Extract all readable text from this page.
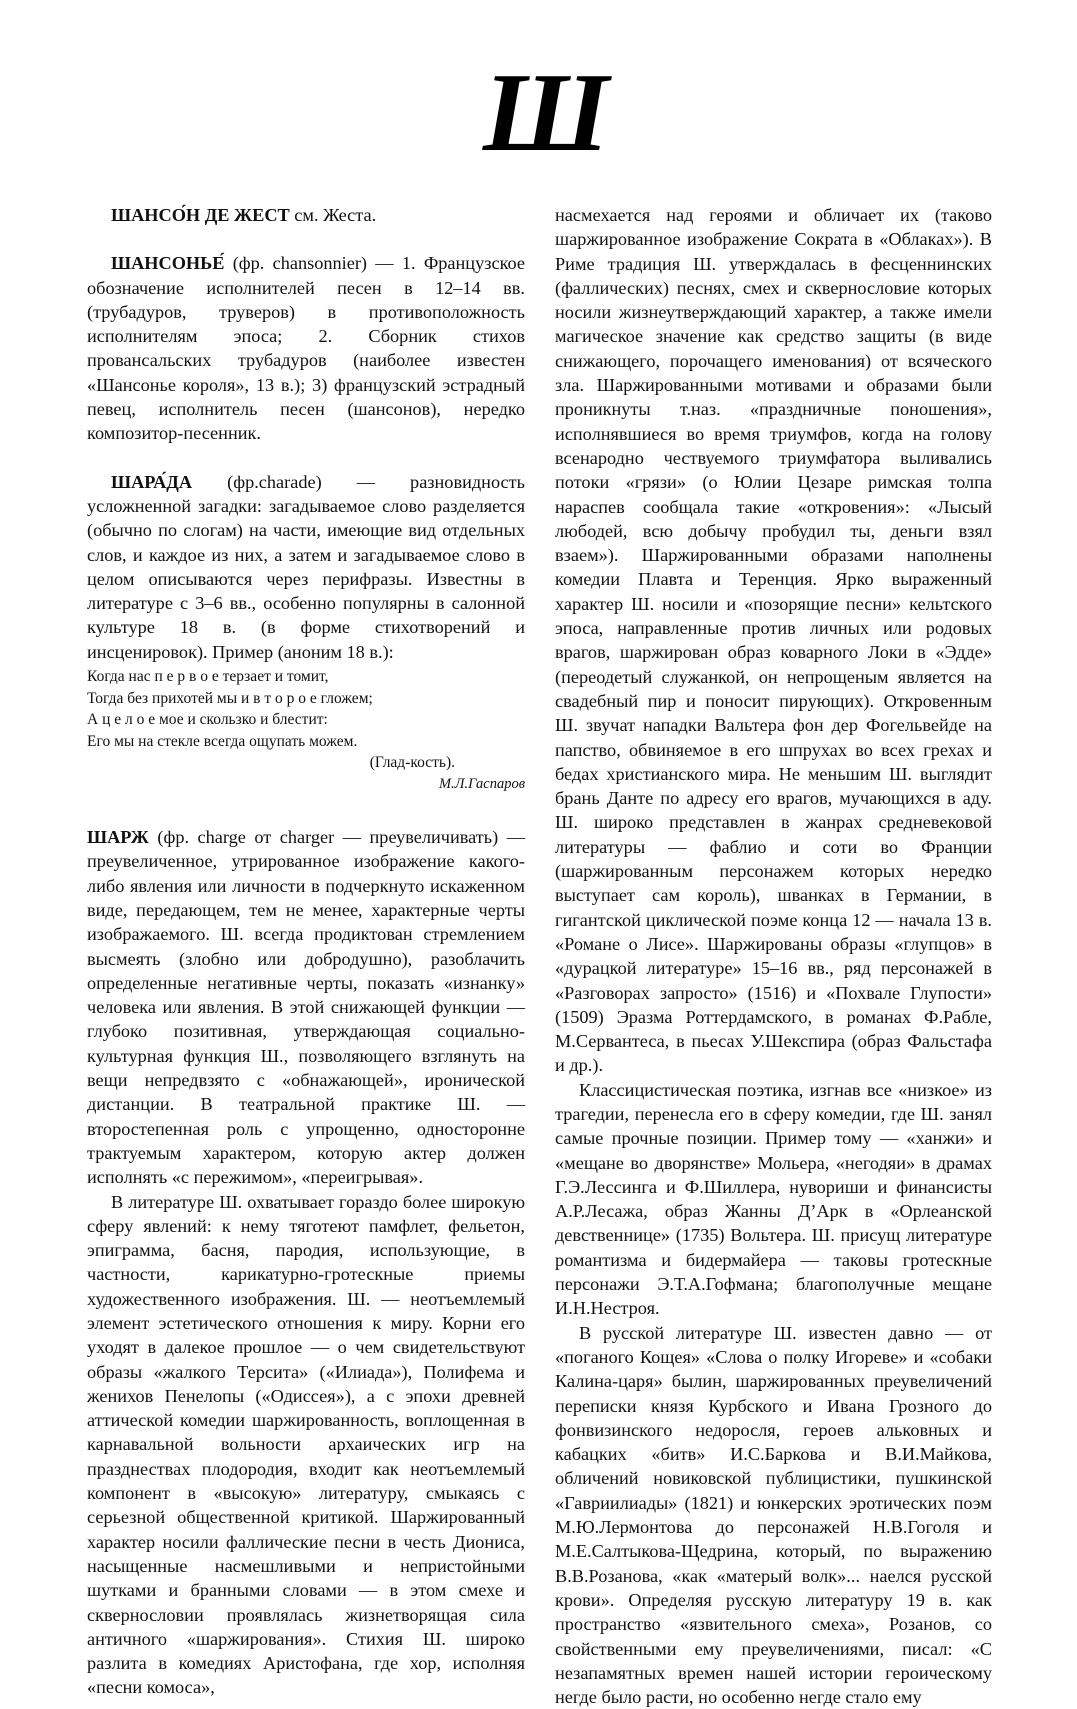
Ш

ШАНСО́Н ДЕ ЖЕСТ см. Жеста.

ШАНСОНЬЕ́ (фр. chansonnier) — 1. Французское обозначение исполнителей песен в 12–14 вв. (трубадуров, труверов) в противоположность исполнителям эпоса; 2. Сборник стихов провансальских трубадуров (наиболее известен «Шансонье короля», 13 в.); 3) французский эстрадный певец, исполнитель песен (шансонов), нередко композитор-песенник.

ШАРА́ДА (фр.charade) — разновидность усложненной загадки: загадываемое слово разделяется (обычно по слогам) на части, имеющие вид отдельных слов, и каждое из них, а затем и загадываемое слово в целом описываются через перифразы. Известны в литературе с 3–6 вв., особенно популярны в салонной культуре 18 в. (в форме стихотворений и инсценировок). Пример (аноним 18 в.):

Когда нас п е р в о е терзает и томит,
Тогда без прихотей мы и в т о р о е гложем;
А ц е л о е мое и скользко и блестит:
Его мы на стекле всегда ощупать можем.
(Глад-кость).
М.Л.Гаспаров

ШАРЖ (фр. charge от charger — преувеличивать) — преувеличенное, утрированное изображение какого-либо явления или личности в подчеркнуто искаженном виде, передающем, тем не менее, характерные черты изображаемого. Ш. всегда продиктован стремлением высмеять (злобно или добродушно), разоблачить определенные негативные черты, показать «изнанку» человека или явления. В этой снижающей функции — глубоко позитивная, утверждающая социально-культурная функция Ш., позволяющего взглянуть на вещи непредвзято с «обнажающей», иронической дистанции. В театральной практике Ш. — второстепенная роль с упрощенно, односторонне трактуемым характером, которую актер должен исполнять «с пережимом», «переигрывая».

В литературе Ш. охватывает гораздо более широкую сферу явлений: к нему тяготеют памфлет, фельетон, эпиграмма, басня, пародия, использующие, в частности, карикатурно-гротескные приемы художественного изображения. Ш. — неотъемлемый элемент эстетического отношения к миру. Корни его уходят в далекое прошлое — о чем свидетельствуют образы «жалкого Терсита» («Илиада»), Полифема и женихов Пенелопы («Одиссея»), а с эпохи древней аттической комедии шаржированность, воплощенная в карнавальной вольности архаических игр на празднествах плодородия, входит как неотъемлемый компонент в «высокую» литературу, смыкаясь с серьезной общественной критикой. Шаржированный характер носили фаллические песни в честь Диониса, насыщенные насмешливыми и непристойными шутками и бранными словами — в этом смехе и сквернословии проявлялась жизнетворящая сила античного «шаржирования». Стихия Ш. широко разлита в комедиях Аристофана, где хор, исполняя «песни комоса»,

насмехается над героями и обличает их (таково шаржированное изображение Сократа в «Облаках»). В Риме традиция Ш. утверждалась в фесценнинских (фаллических) песнях, смех и сквернословие которых носили жизнеутверждающий характер, а также имели магическое значение как средство защиты (в виде снижающего, порочащего именования) от всяческого зла. Шаржированными мотивами и образами были проникнуты т.наз. «праздничные поношения», исполнявшиеся во время триумфов, когда на голову всенародно чествуемого триумфатора выливались потоки «грязи» (о Юлии Цезаре римская толпа нараспев сообщала такие «откровения»: «Лысый любодей, всю добычу пробудил ты, деньги взял взаем»). Шаржированными образами наполнены комедии Плавта и Теренция. Ярко выраженный характер Ш. носили и «позорящие песни» кельтского эпоса, направленные против личных или родовых врагов, шаржирован образ коварного Локи в «Эдде» (переодетый служанкой, он непрощеным является на свадебный пир и поносит пирующих). Откровенным Ш. звучат нападки Вальтера фон дер Фогельвейде на папство, обвиняемое в его шпрухах во всех грехах и бедах христианского мира. Не меньшим Ш. выглядит брань Данте по адресу его врагов, мучающихся в аду. Ш. широко представлен в жанрах средневековой литературы — фаблио и соти во Франции (шаржированным персонажем которых нередко выступает сам король), шванках в Германии, в гигантской циклической поэме конца 12 — начала 13 в. «Романе о Лисе». Шаржированы образы «глупцов» в «дурацкой литературе» 15–16 вв., ряд персонажей в «Разговорах запросто» (1516) и «Похвале Глупости» (1509) Эразма Роттердамского, в романах Ф.Рабле, М.Сервантеса, в пьесах У.Шекспира (образ Фальстафа и др.).

Классицистическая поэтика, изгнав все «низкое» из трагедии, перенесла его в сферу комедии, где Ш. занял самые прочные позиции. Пример тому — «ханжи» и «мещане во дворянстве» Мольера, «негодяи» в драмах Г.Э.Лессинга и Ф.Шиллера, нувориши и финансисты А.Р.Лесажа, образ Жанны Д’Арк в «Орлеанской девственнице» (1735) Вольтера. Ш. присущ литературе романтизма и бидермайера — таковы гротескные персонажи Э.Т.А.Гофмана; благополучные мещане И.Н.Нестроя.

В русской литературе Ш. известен давно — от «поганого Кощея» «Слова о полку Игореве» и «собаки Калина-царя» былин, шаржированных преувеличений переписки князя Курбского и Ивана Грозного до фонвизинского недоросля, героев альковных и кабацких «битв» И.С.Баркова и В.И.Майкова, обличений новиковской публицистики, пушкинской «Гавриилиады» (1821) и юнкерских эротических поэм М.Ю.Лермонтова до персонажей Н.В.Гоголя и М.Е.Салтыкова-Щедрина, который, по выражению В.В.Розанова, «как «матерый волк»... наелся русской крови». Определяя русскую литературу 19 в. как пространство «язвительного смеха», Розанов, со свойственными ему преувеличениями, писал: «С незапамятных времен нашей истории героическому негде было расти, но особенно негде стало ему
